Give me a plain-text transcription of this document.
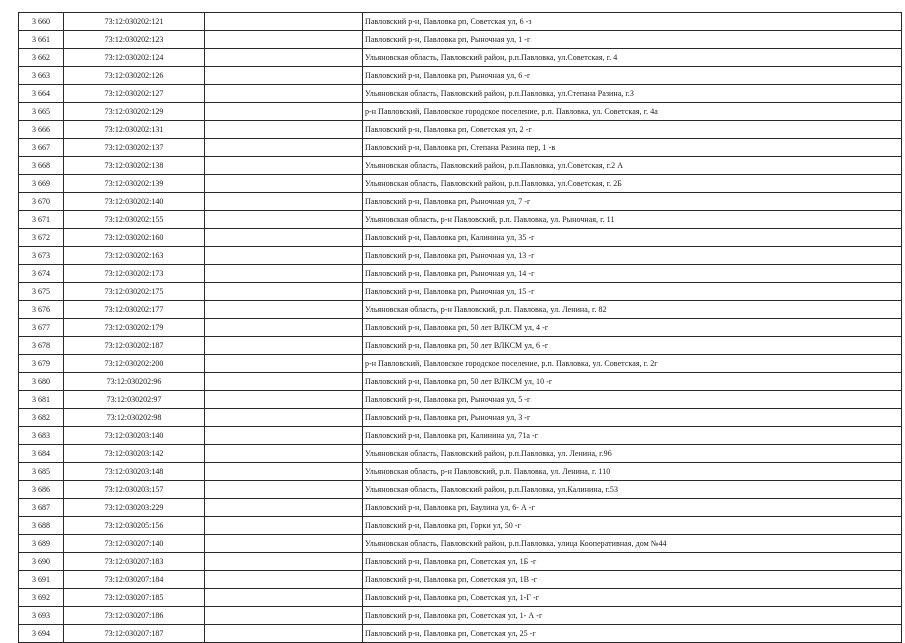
3 660	73:12:030202:121		Павловский р-н, Павловка рп, Советская ул, 6 -з
3 661	73:12:030202:123		Павловский р-н, Павловка рп, Рыночная ул, 1 -г
3 662	73:12:030202:124		Ульяновская область, Павловский район, р.п.Павловка, ул.Советская, г. 4
3 663	73:12:030202:126		Павловский р-н, Павловка рп, Рыночная ул, 6 -г
3 664	73:12:030202:127		Ульяновская область, Павловский район, р.п.Павловка, ул.Степана Разина, г.3
3 665	73:12:030202:129		р-н Павловский, Павловское городское поселение, р.п. Павловка, ул. Советская, г. 4а
3 666	73:12:030202:131		Павловский р-н, Павловка рп, Советская ул, 2 -г
3 667	73:12:030202:137		Павловский р-н, Павловка рп, Степана Разина пер, 1 -в
3 668	73:12:030202:138		Ульяновская область, Павловский район, р.п.Павловка, ул.Советская, г.2 А
3 669	73:12:030202:139		Ульяновская область, Павловский район, р.п.Павловка, ул.Советская, г. 2Б
3 670	73:12:030202:140		Павловский р-н, Павловка рп, Рыночная ул, 7 -г
3 671	73:12:030202:155		Ульяновская область, р-н Павловский, р.п. Павловка, ул. Рыночная, г. 11
3 672	73:12:030202:160		Павловский р-н, Павловка рп, Калинина ул, 35 -г
3 673	73:12:030202:163		Павловский р-н, Павловка рп, Рыночная ул, 13 -г
3 674	73:12:030202:173		Павловский р-н, Павловка рп, Рыночная ул, 14 -г
3 675	73:12:030202:175		Павловский р-н, Павловка рп, Рыночная ул, 15 -г
3 676	73:12:030202:177		Ульяновская область, р-н Павловский, р.п. Павловка, ул. Ленина, г. 82
3 677	73:12:030202:179		Павловский р-н, Павловка рп, 50 лет ВЛКСМ ул, 4 -г
3 678	73:12:030202:187		Павловский р-н, Павловка рп, 50 лет ВЛКСМ ул, 6 -г
3 679	73:12:030202:200		р-н Павловский, Павловское городское поселение, р.п. Павловка, ул. Советская, г. 2г
3 680	73:12:030202:96		Павловский р-н, Павловка рп, 50 лет ВЛКСМ ул, 10 -г
3 681	73:12:030202:97		Павловский р-н, Павловка рп, Рыночная ул, 5 -г
3 682	73:12:030202:98		Павловский р-н, Павловка рп, Рыночная ул, 3 -г
3 683	73:12:030203:140		Павловский р-н, Павловка рп, Калинина ул, 71а -г
3 684	73:12:030203:142		Ульяновская область, Павловский район, р.п.Павловка, ул. Ленина, г.96
3 685	73:12:030203:148		Ульяновская область, р-н Павловский, р.п. Павловка, ул. Ленина, г. 110
3 686	73:12:030203:157		Ульяновская область, Павловский район, р.п.Павловка, ул.Калинина, г.53
3 687	73:12:030203:229		Павловский р-н, Павловка рп, Баулина ул, 6- А -г
3 688	73:12:030205:156		Павловский р-н, Павловка рп, Горки ул, 50 -г
3 689	73:12:030207:140		Ульяновская область, Павловский район, р.п.Павловка, улица Кооперативная, дом №44
3 690	73:12:030207:183		Павловский р-н, Павловка рп, Советская ул, 1Б -г
3 691	73:12:030207:184		Павловский р-н, Павловка рп, Советская ул, 1В -г
3 692	73:12:030207:185		Павловский р-н, Павловка рп, Советская ул, 1-Г -г
3 693	73:12:030207:186		Павловский р-н, Павловка рп, Советская ул, 1- А -г
3 694	73:12:030207:187		Павловский р-н, Павловка рп, Советская ул, 25 -г
